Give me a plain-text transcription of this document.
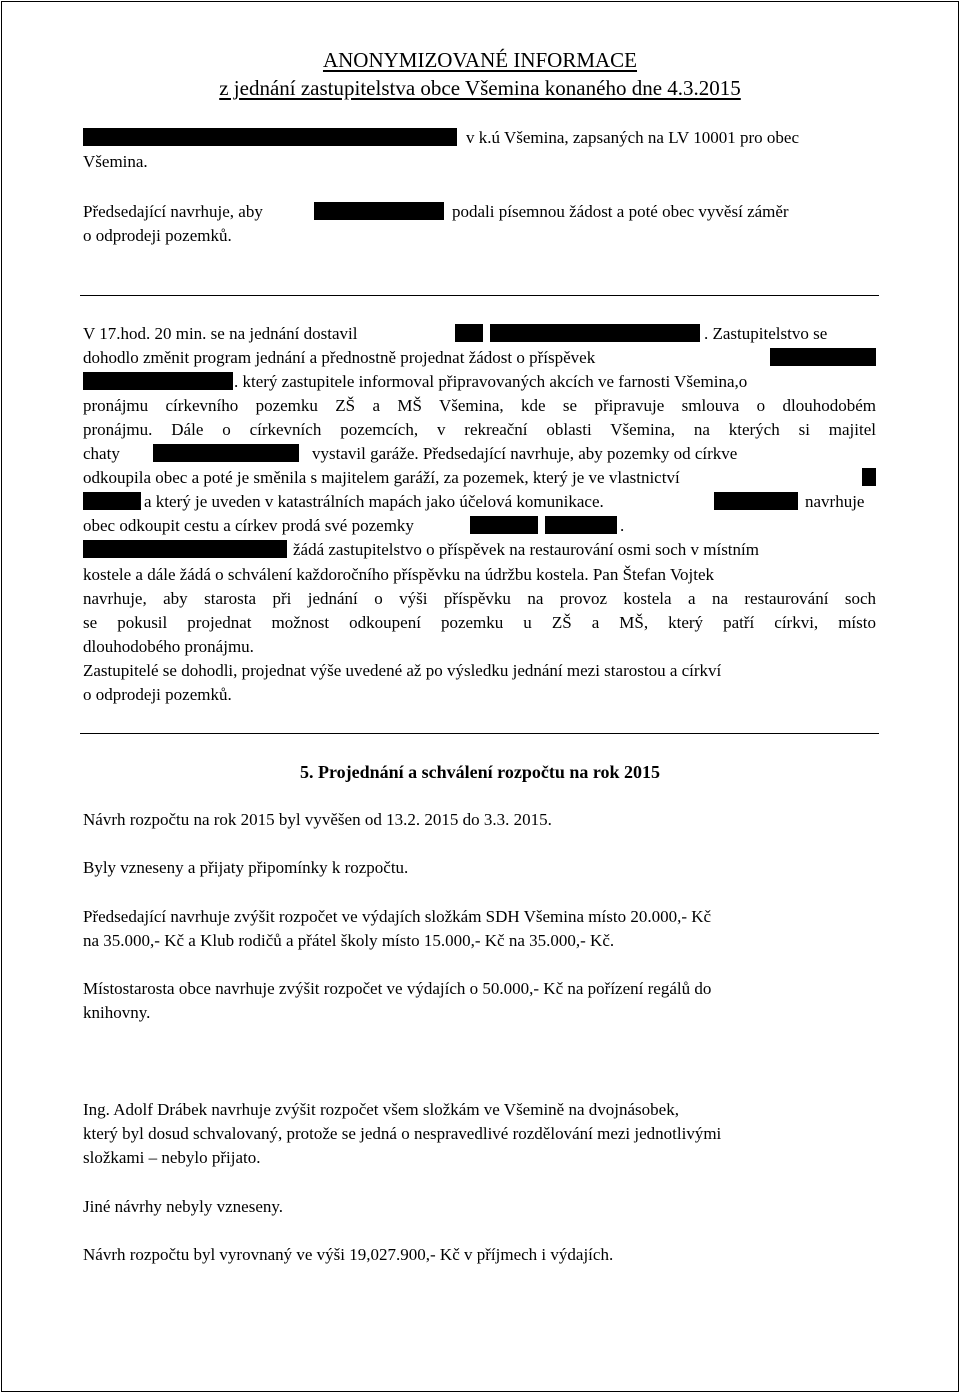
ANONYMIZOVANÉ INFORMACE
z jednání zastupitelstva obce Všemina konaného dne 4.3.2015
v k.ú Všemina, zapsaných na LV 10001 pro obec
Všemina.
Předsedající navrhuje, aby	podali písemnou žádost a poté obec vyvěsí záměr
o odprodeji pozemků.
V 17.hod. 20 min. se na jednání dostavil
	. Zastupitelstvo se
dohodlo změnit program jednání a přednostně projednat žádost o příspěvek
. který zastupitele informoval připravovaných akcích ve farnosti Všemina,o
pronájmu církevního pozemku ZŠ a MŠ Všemina, kde se připravuje smlouva o dlouhodobém
pronájmu. Dále o církevních pozemcích, v rekreační oblasti Všemina, na kterých si majitel
chaty	vystavil garáže. Předsedající navrhuje, aby pozemky od církve
odkoupila obec a poté je směnila s majitelem garáží, za pozemek, který je ve vlastnictví
a který je uveden v katastrálních mapách jako účelová komunikace.	navrhuje
obec odkoupit cestu a církev prodá své pozemky
	.
žádá zastupitelstvo o příspěvek na restaurování osmi soch v místním
kostele a dále žádá o schválení každoročního příspěvku na údržbu kostela. Pan Štefan Vojtek
navrhuje, aby starosta při jednání o výši příspěvku na provoz kostela a na restaurování soch
se pokusil projednat možnost odkoupení pozemku u ZŠ a MŠ, který patří církvi, místo
dlouhodobého pronájmu.
Zastupitelé se dohodli, projednat výše uvedené až po výsledku jednání mezi starostou a církví
o odprodeji pozemků.
5. Projednání a schválení rozpočtu na rok 2015
Návrh rozpočtu na rok 2015 byl vyvěšen od 13.2. 2015 do 3.3. 2015.
Byly vzneseny a přijaty připomínky k rozpočtu.
Předsedající navrhuje zvýšit rozpočet ve výdajích složkám SDH Všemina místo 20.000,- Kč
na 35.000,- Kč a Klub rodičů a přátel školy místo 15.000,- Kč na 35.000,- Kč.
Místostarosta obce navrhuje zvýšit rozpočet ve výdajích o 50.000,- Kč na pořízení regálů do
knihovny.
Ing. Adolf Drábek navrhuje zvýšit rozpočet všem složkám ve Všemině na dvojnásobek,
který byl dosud schvalovaný, protože se jedná o nespravedlivé rozdělování mezi jednotlivými
složkami – nebylo přijato.
Jiné návrhy nebyly vzneseny.
Návrh rozpočtu byl vyrovnaný ve výši 19,027.900,- Kč v příjmech i výdajích.
